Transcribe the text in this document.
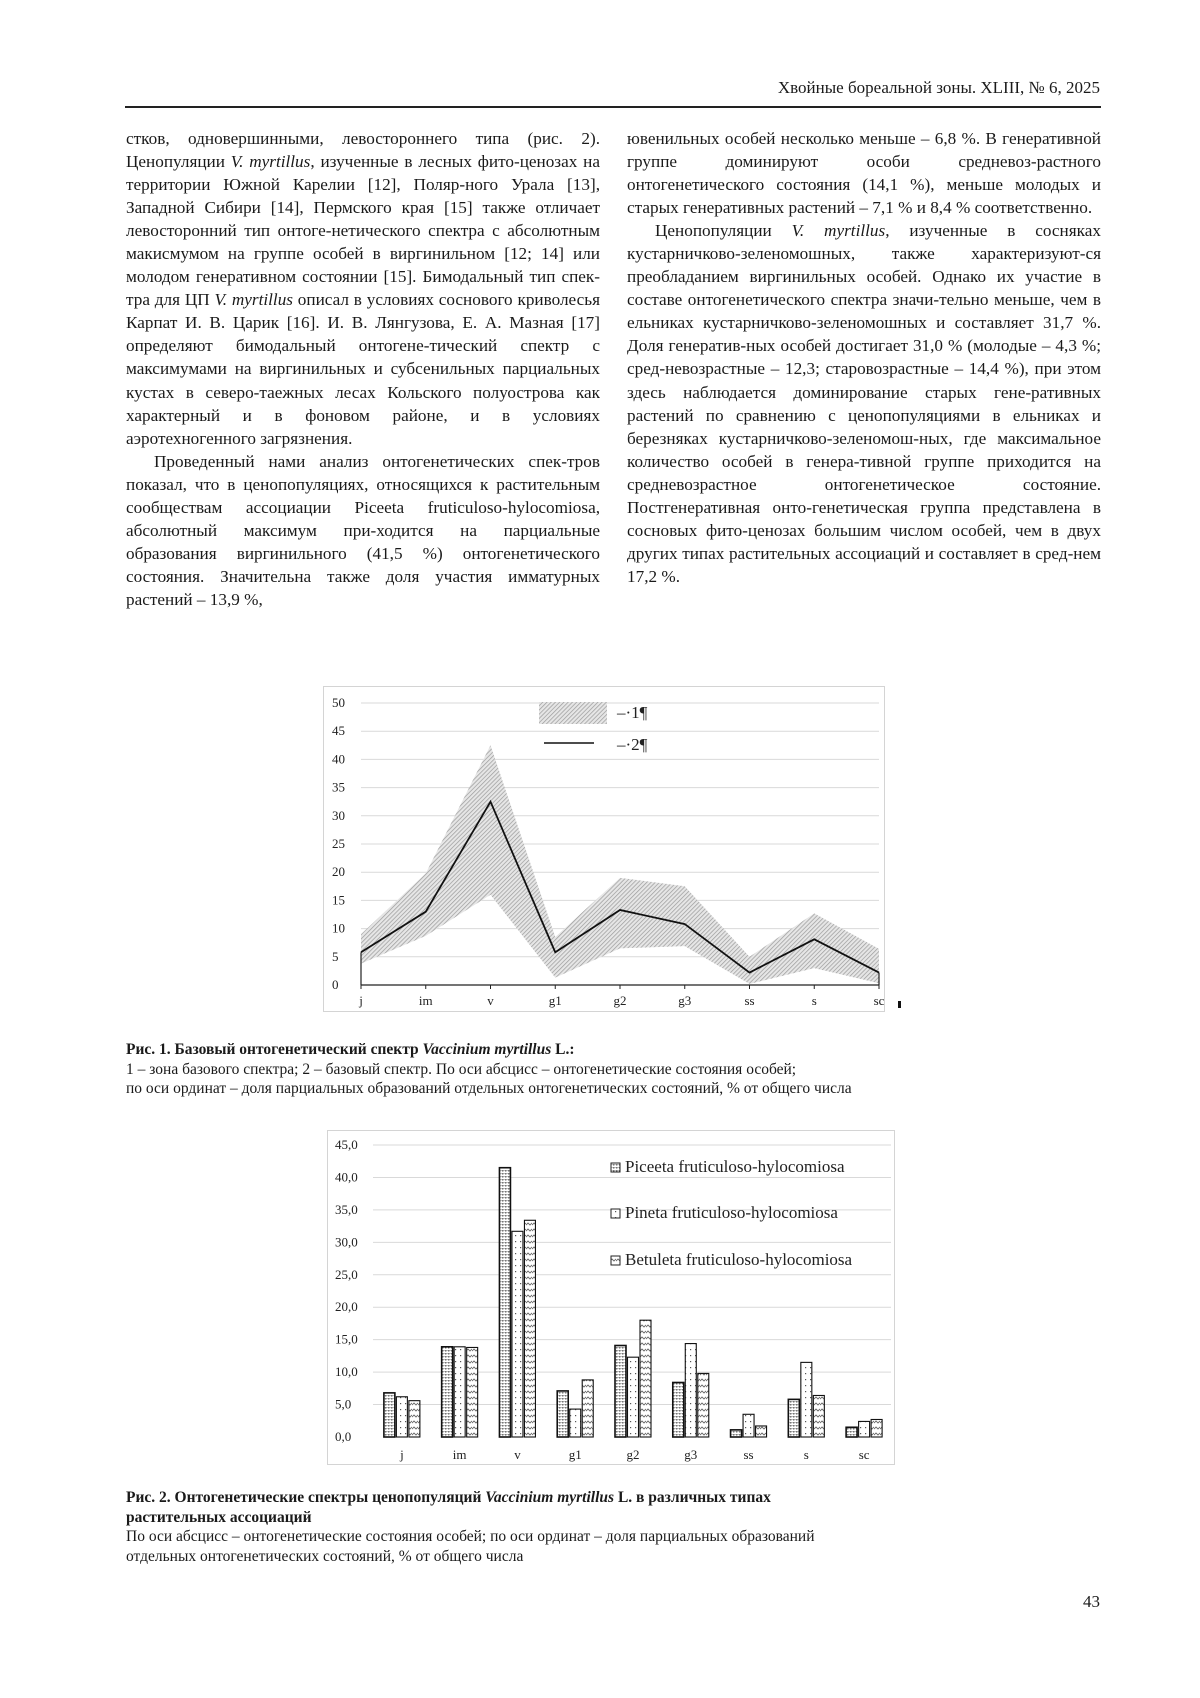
Хвойные бореальной зоны. XLIII, № 6, 2025

стков, одновершинными, левостороннего типа (рис. 2). Ценопуляции V. myrtillus, изученные в лесных фито-ценозах на территории Южной Карелии [12], Поляр-ного Урала [13], Западной Сибири [14], Пермского края [15] также отличает левосторонний тип онтоге-нетического спектра с абсолютным макисмумом на группе особей в виргинильном [12; 14] или молодом генеративном состоянии [15]. Бимодальный тип спек-тра для ЦП V. myrtillus описал в условиях соснового криволесья Карпат И. В. Царик [16]. И. В. Лянгузова, Е. А. Мазная [17] определяют бимодальный онтогене-тический спектр с максимумами на виргинильных и субсенильных парциальных кустах в северо-таежных лесах Кольского полуострова как характерный и в фоновом районе, и в условиях аэротехногенного загрязнения.

Проведенный нами анализ онтогенетических спек-тров показал, что в ценопопуляциях, относящихся к растительным сообществам ассоциации Piceeta fruticuloso-hylocomiosa, абсолютный максимум при-ходится на парциальные образования виргинильного (41,5 %) онтогенетического состояния. Значительна также доля участия имматурных растений – 13,9 %,

ювенильных особей несколько меньше – 6,8 %. В генеративной группе доминируют особи средневоз-растного онтогенетического состояния (14,1 %), меньше молодых и старых генеративных растений – 7,1 % и 8,4 % соответственно.

Ценопопуляции V. myrtillus, изученные в сосняках кустарничково-зеленомошных, также характеризуют-ся преобладанием виргинильных особей. Однако их участие в составе онтогенетического спектра значи-тельно меньше, чем в ельниках кустарничково-зеленомошных и составляет 31,7 %. Доля генератив-ных особей достигает 31,0 % (молодые – 4,3 %; сред-невозрастные – 12,3; старовозрастные – 14,4 %), при этом здесь наблюдается доминирование старых гене-ративных растений по сравнению с ценопопуляциями в ельниках и березняках кустарничково-зеленомош-ных, где максимальное количество особей в генера-тивной группе приходится на средневозрастное онтогенетическое состояние. Постгенеративная онто-генетическая группа представлена в сосновых фито-ценозах большим числом особей, чем в двух других типах растительных ассоциаций и составляет в сред-нем 17,2 %.

0
5
10
15
20
25
30
35
40
45
50
j	im	v	g1	g2	g3	ss	s	sc
–·1¶
–·2¶
Рис. 1. Базовый онтогенетический спектр Vaccinium myrtillus L.:
1 – зона базового спектра; 2 – базовый спектр. По оси абсцисс – онтогенетические состояния особей;
по оси ординат – доля парциальных образований отдельных онтогенетических состояний, % от общего числа
0,0
5,0
10,0
15,0
20,0
25,0
30,0
35,0
40,0
45,0
j	im	v	g1	g2	g3	ss	s	sc
Piceeta fruticuloso-hylocomiosa
Pineta fruticuloso-hylocomiosa
Betuleta fruticuloso-hylocomiosa
Рис. 2. Онтогенетические спектры ценопопуляций Vaccinium myrtillus L. в различных типах
растительных ассоциаций
По оси абсцисс – онтогенетические состояния особей; по оси ординат – доля парциальных образований
отдельных онтогенетических состояний, % от общего числа
43
